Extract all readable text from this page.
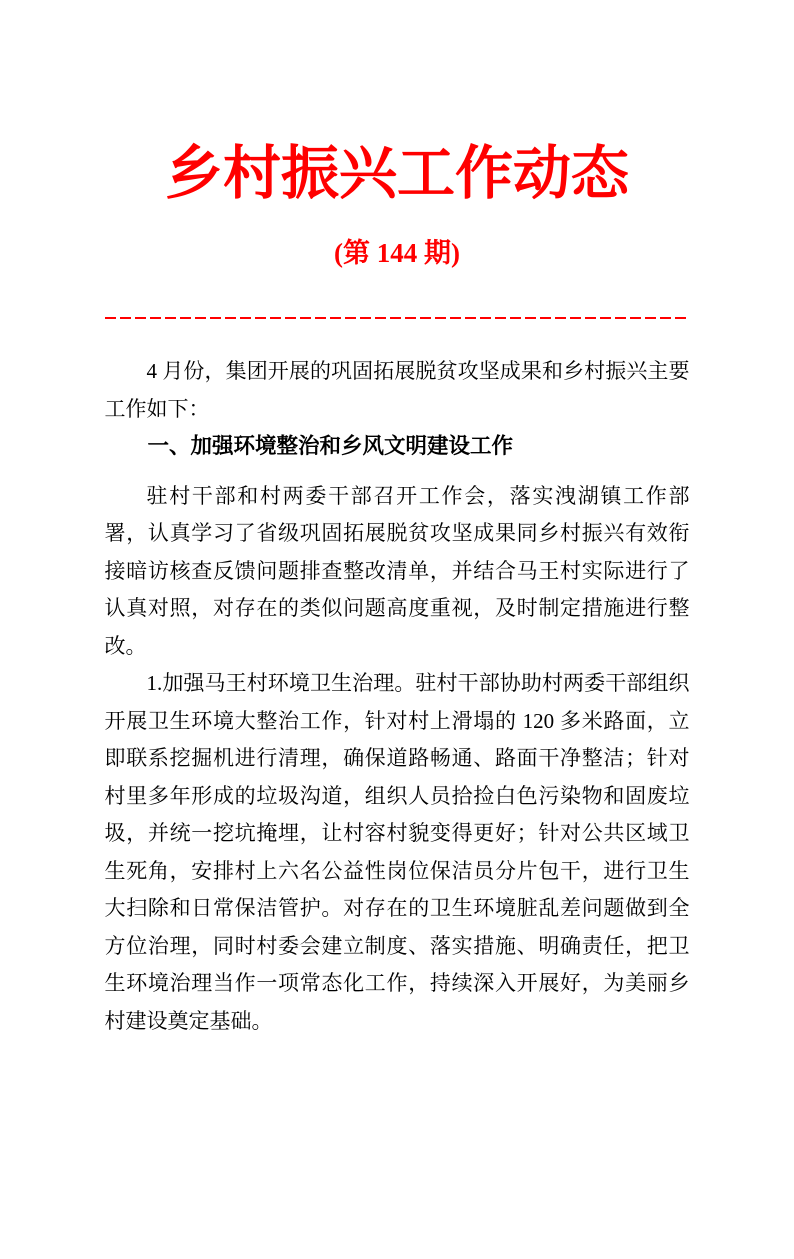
乡村振兴工作动态
(第 144 期)

4 月份，集团开展的巩固拓展脱贫攻坚成果和乡村振兴主要工作如下：

一、加强环境整治和乡风文明建设工作

驻村干部和村两委干部召开工作会，落实洩湖镇工作部署，认真学习了省级巩固拓展脱贫攻坚成果同乡村振兴有效衔接暗访核查反馈问题排查整改清单，并结合马王村实际进行了认真对照，对存在的类似问题高度重视，及时制定措施进行整改。

1.加强马王村环境卫生治理。驻村干部协助村两委干部组织开展卫生环境大整治工作，针对村上滑塌的 120 多米路面，立即联系挖掘机进行清理，确保道路畅通、路面干净整洁；针对村里多年形成的垃圾沟道，组织人员拾捡白色污染物和固废垃圾，并统一挖坑掩埋，让村容村貌变得更好；针对公共区域卫生死角，安排村上六名公益性岗位保洁员分片包干，进行卫生大扫除和日常保洁管护。对存在的卫生环境脏乱差问题做到全方位治理，同时村委会建立制度、落实措施、明确责任，把卫生环境治理当作一项常态化工作，持续深入开展好，为美丽乡村建设奠定基础。
